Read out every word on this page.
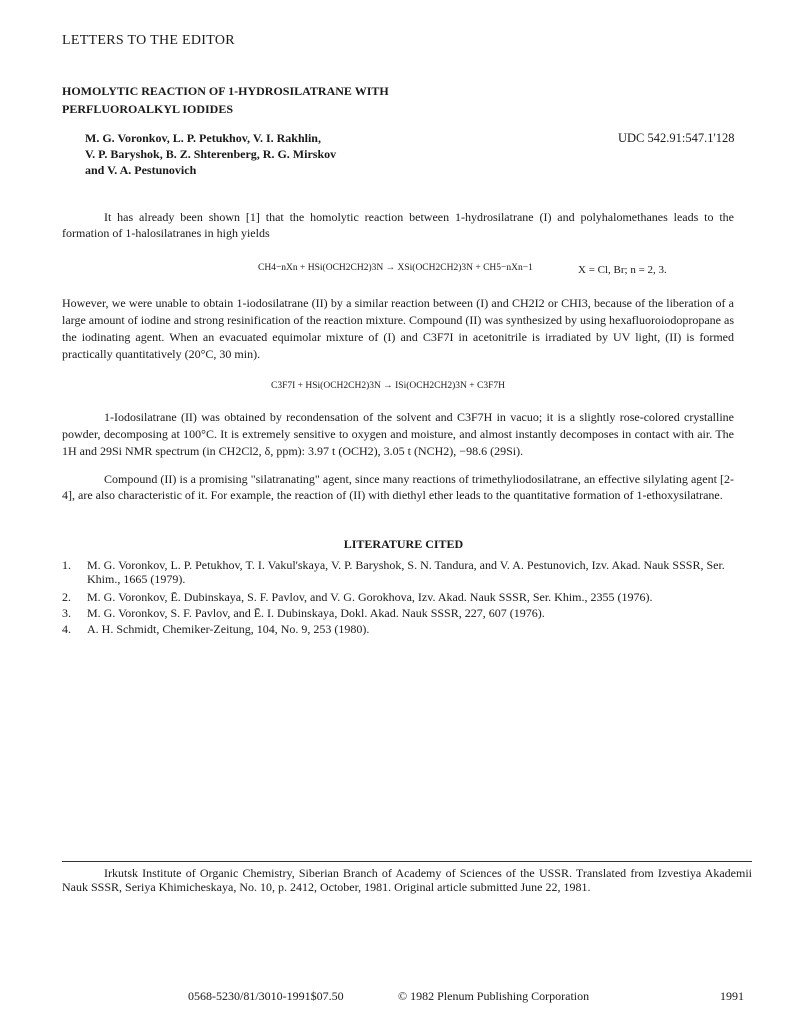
LETTERS TO THE EDITOR
HOMOLYTIC REACTION OF 1-HYDROSILATRANE WITH
PERFLUOROALKYL IODIDES
M. G. Voronkov, L. P. Petukhov, V. I. Rakhlin,
V. P. Baryshok, B. Z. Shterenberg, R. G. Mirskov
and V. A. Pestunovich
UDC 542.91:547.1'128
It has already been shown [1] that the homolytic reaction between 1-hydrosilatrane (I) and polyhalomethanes leads to the formation of 1-halosilatranes in high yields
CH4−nXn + HSi(OCH2CH2)3N → XSi(OCH2CH2)3N + CH5−nXn−1	X = Cl, Br; n = 2, 3.
However, we were unable to obtain 1-iodosilatrane (II) by a similar reaction between (I) and CH2I2 or CHI3, because of the liberation of a large amount of iodine and strong resinification of the reaction mixture. Compound (II) was synthesized by using hexafluoroiodopropane as the iodinating agent. When an evacuated equimolar mixture of (I) and C3F7I in acetonitrile is irradiated by UV light, (II) is formed practically quantitatively (20°C, 30 min).
C3F7I + HSi(OCH2CH2)3N → ISi(OCH2CH2)3N + C3F7H
1-Iodosilatrane (II) was obtained by recondensation of the solvent and C3F7H in vacuo; it is a slightly rose-colored crystalline powder, decomposing at 100°C. It is extremely sensitive to oxygen and moisture, and almost instantly decomposes in contact with air. The 1H and 29Si NMR spectrum (in CH2Cl2, δ, ppm): 3.97 t (OCH2), 3.05 t (NCH2), −98.6 (29Si).
Compound (II) is a promising "silatranating" agent, since many reactions of trimethyliodosilatrane, an effective silylating agent [2-4], are also characteristic of it. For example, the reaction of (II) with diethyl ether leads to the quantitative formation of 1-ethoxysilatrane.
LITERATURE CITED
1. M. G. Voronkov, L. P. Petukhov, T. I. Vakul'skaya, V. P. Baryshok, S. N. Tandura, and V. A. Pestunovich, Izv. Akad. Nauk SSSR, Ser. Khim., 1665 (1979).
2. M. G. Voronkov, Ē. Dubinskaya, S. F. Pavlov, and V. G. Gorokhova, Izv. Akad. Nauk SSSR, Ser. Khim., 2355 (1976).
3. M. G. Voronkov, S. F. Pavlov, and Ē. I. Dubinskaya, Dokl. Akad. Nauk SSSR, 227, 607 (1976).
4. A. H. Schmidt, Chemiker-Zeitung, 104, No. 9, 253 (1980).
Irkutsk Institute of Organic Chemistry, Siberian Branch of Academy of Sciences of the USSR. Translated from Izvestiya Akademii Nauk SSSR, Seriya Khimicheskaya, No. 10, p. 2412, October, 1981. Original article submitted June 22, 1981.
0568-5230/81/3010-1991$07.50	© 1982 Plenum Publishing Corporation	1991
